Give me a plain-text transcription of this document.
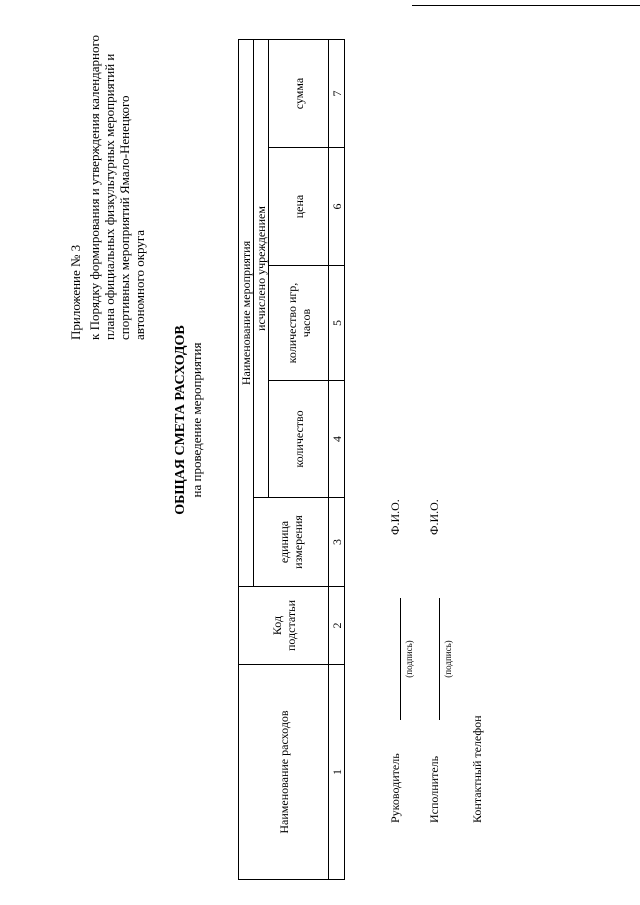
Приложение № 3 к Порядку формирования и утверждения календарного плана официальных физкультурных мероприятий и спортивных мероприятий Ямало-Ненецкого автономного округа
ОБЩАЯ СМЕТА РАСХОДОВ на проведение мероприятия
Наименование расходов	Код подстатьи	Наименование мероприятия				
		единица измерения	исчислено учреждением			
			количество	количество игр, часов	цена	сумма
1	2	3	4	5	6	7
Руководитель
(подпись)
Ф.И.О.
Исполнитель
(подпись)
Ф.И.О.
Контактный телефон
